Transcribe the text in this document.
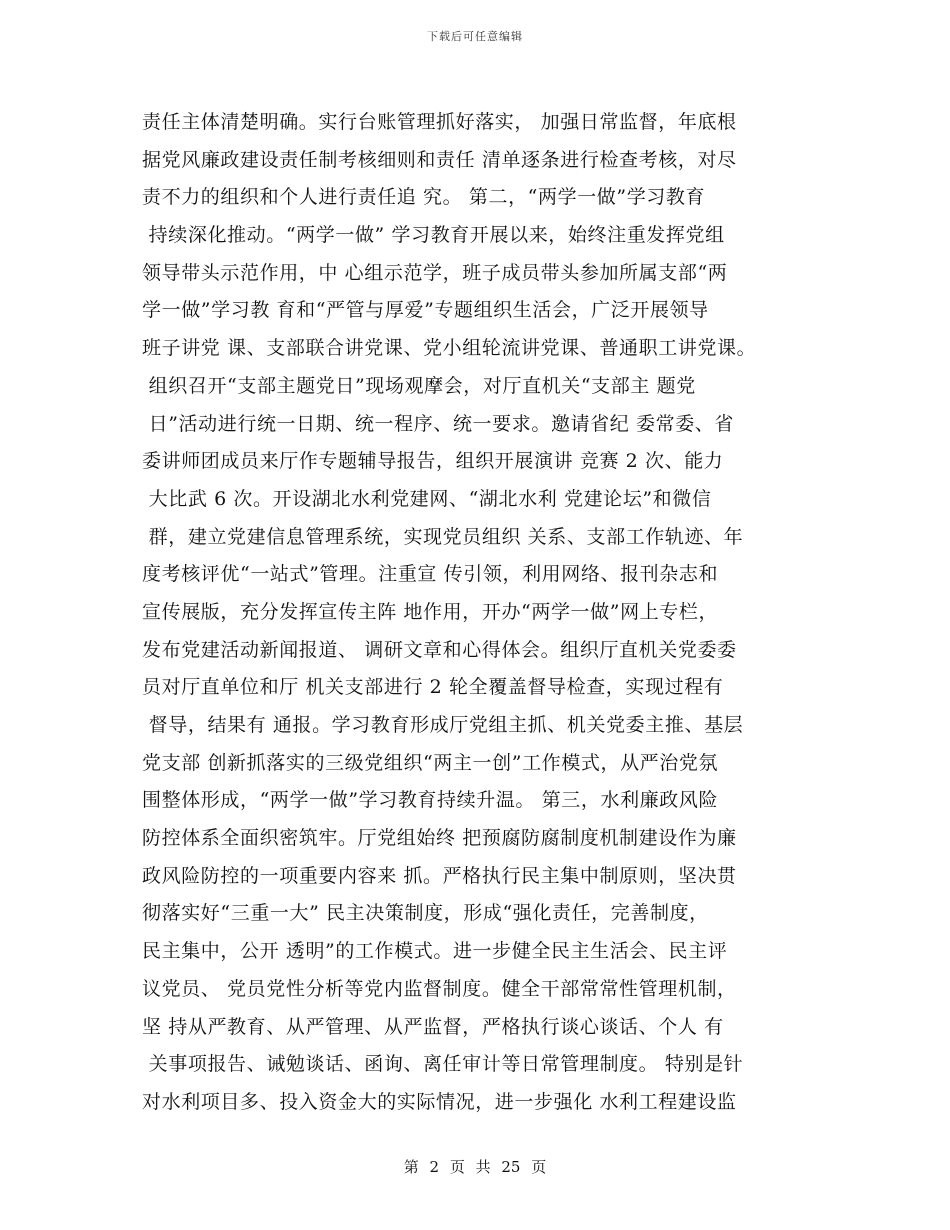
下载后可任意编辑
责任主体清楚明确。实行台账管理抓好落实， 加强日常监督，年底根
据党风廉政建设责任制考核细则和责任 清单逐条进行检查考核，对尽
责不力的组织和个人进行责任追 究。 第二，“两学一做”学习教育
持续深化推动。“两学一做” 学习教育开展以来，始终注重发挥党组
领导带头示范作用，中 心组示范学，班子成员带头参加所属支部“两
学一做”学习教 育和“严管与厚爱”专题组织生活会，广泛开展领导
班子讲党 课、支部联合讲党课、党小组轮流讲党课、普通职工讲党课。
组织召开“支部主题党日”现场观摩会，对厅直机关“支部主 题党
日”活动进行统一日期、统一程序、统一要求。邀请省纪 委常委、省
委讲师团成员来厅作专题辅导报告，组织开展演讲 竞赛 2 次、能力
大比武 6 次。开设湖北水利党建网、“湖北水利 党建论坛”和微信
群，建立党建信息管理系统，实现党员组织 关系、支部工作轨迹、年
度考核评优“一站式”管理。注重宣 传引领，利用网络、报刊杂志和
宣传展版，充分发挥宣传主阵 地作用，开办“两学一做”网上专栏，
发布党建活动新闻报道、 调研文章和心得体会。组织厅直机关党委委
员对厅直单位和厅 机关支部进行 2 轮全覆盖督导检查，实现过程有
督导，结果有 通报。学习教育形成厅党组主抓、机关党委主推、基层
党支部 创新抓落实的三级党组织“两主一创”工作模式，从严治党氛
围整体形成，“两学一做”学习教育持续升温。 第三，水利廉政风险
防控体系全面织密筑牢。厅党组始终 把预腐防腐制度机制建设作为廉
政风险防控的一项重要内容来 抓。严格执行民主集中制原则，坚决贯
彻落实好“三重一大” 民主决策制度，形成“强化责任，完善制度，
民主集中，公开 透明”的工作模式。进一步健全民主生活会、民主评
议党员、 党员党性分析等党内监督制度。健全干部常常性管理机制，
坚 持从严教育、从严管理、从严监督，严格执行谈心谈话、个人 有
关事项报告、诫勉谈话、函询、离任审计等日常管理制度。 特别是针
对水利项目多、投入资金大的实际情况，进一步强化 水利工程建设监
第 2 页 共 25 页
